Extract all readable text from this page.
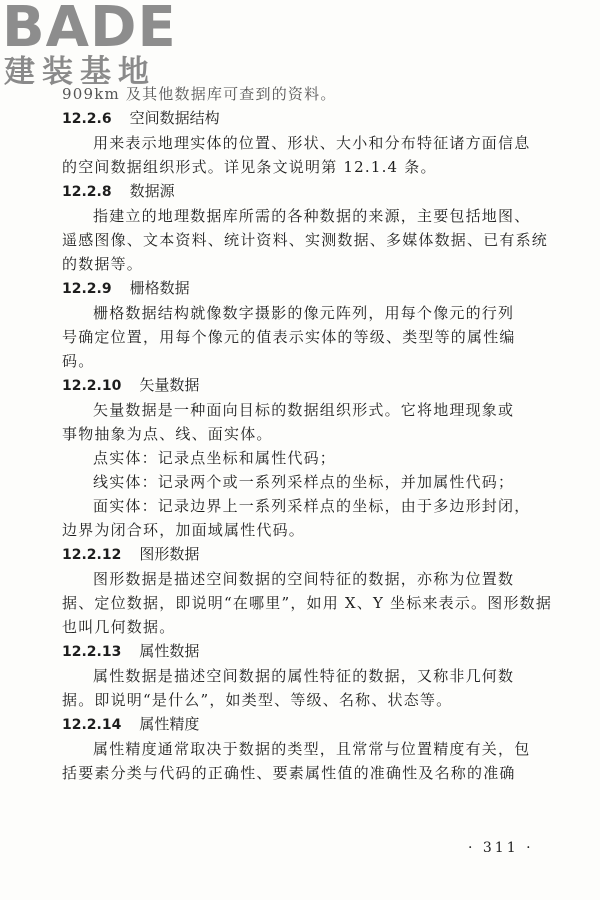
BADE
建装基地
909km 及其他数据库可查到的资料。
12.2.6 空间数据结构
用来表示地理实体的位置、形状、大小和分布特征诸方面信息
的空间数据组织形式。详见条文说明第 12.1.4 条。
12.2.8 数据源
指建立的地理数据库所需的各种数据的来源，主要包括地图、
遥感图像、文本资料、统计资料、实测数据、多媒体数据、已有系统
的数据等。
12.2.9 栅格数据
栅格数据结构就像数字摄影的像元阵列，用每个像元的行列
号确定位置，用每个像元的值表示实体的等级、类型等的属性编
码。
12.2.10 矢量数据
矢量数据是一种面向目标的数据组织形式。它将地理现象或
事物抽象为点、线、面实体。
点实体：记录点坐标和属性代码；
线实体：记录两个或一系列采样点的坐标，并加属性代码；
面实体：记录边界上一系列采样点的坐标，由于多边形封闭，
边界为闭合环，加面域属性代码。
12.2.12 图形数据
图形数据是描述空间数据的空间特征的数据，亦称为位置数
据、定位数据，即说明“在哪里”，如用 X、Y 坐标来表示。图形数据
也叫几何数据。
12.2.13 属性数据
属性数据是描述空间数据的属性特征的数据，又称非几何数
据。即说明“是什么”，如类型、等级、名称、状态等。
12.2.14 属性精度
属性精度通常取决于数据的类型，且常常与位置精度有关，包
括要素分类与代码的正确性、要素属性值的准确性及名称的准确
· 311 ·
